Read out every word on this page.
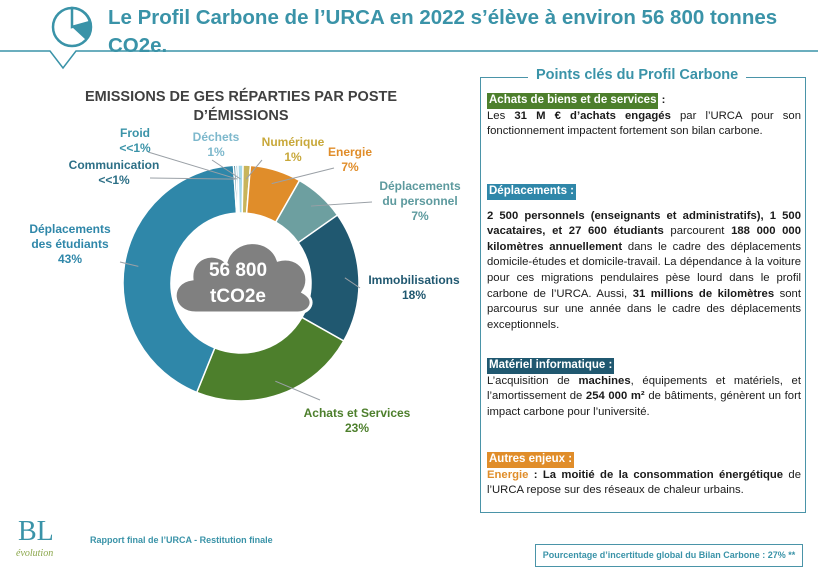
Le Profil Carbone de l’URCA en 2022 s’élève à environ 56 800 tonnes CO2e.
EMISSIONS DE GES RÉPARTIES PAR POSTE D’ÉMISSIONS
56 800
tCO2e
Froid
<<1%
Déchets
1%
Numérique
1%	Energie
7%
Déplacements
du personnel
7%
Immobilisations
18%
Achats et Services
23%
Déplacements
des étudiants
43%
Communication
<<1%
Points clés du Profil Carbone

Achats de biens et de services :

Les 31 M € d’achats engagés par l’URCA pour son fonctionnement impactent fortement son bilan carbone.

Déplacements :

2 500 personnels (enseignants et administratifs), 1 500 vacataires, et 27 600 étudiants parcourent 188 000 000 kilomètres annuellement dans le cadre des déplacements domicile-études et domicile-travail. La dépendance à la voiture pour ces migrations pendulaires pèse lourd dans le profil carbone de l’URCA. Aussi, 31 millions de kilomètres sont parcourus sur une année dans le cadre des déplacements exceptionnels.

Matériel informatique :

L’acquisition de machines, équipements et matériels, et l’amortissement de 254 000 m² de bâtiments, génèrent un fort impact carbone pour l’université.

Autres enjeux :

Energie : La moitié de la consommation énergétique de l’URCA repose sur des réseaux de chaleur urbains.

BL
évolution
Rapport final de l’URCA - Restitution finale
Pourcentage d’incertitude global du Bilan Carbone : 27% **
